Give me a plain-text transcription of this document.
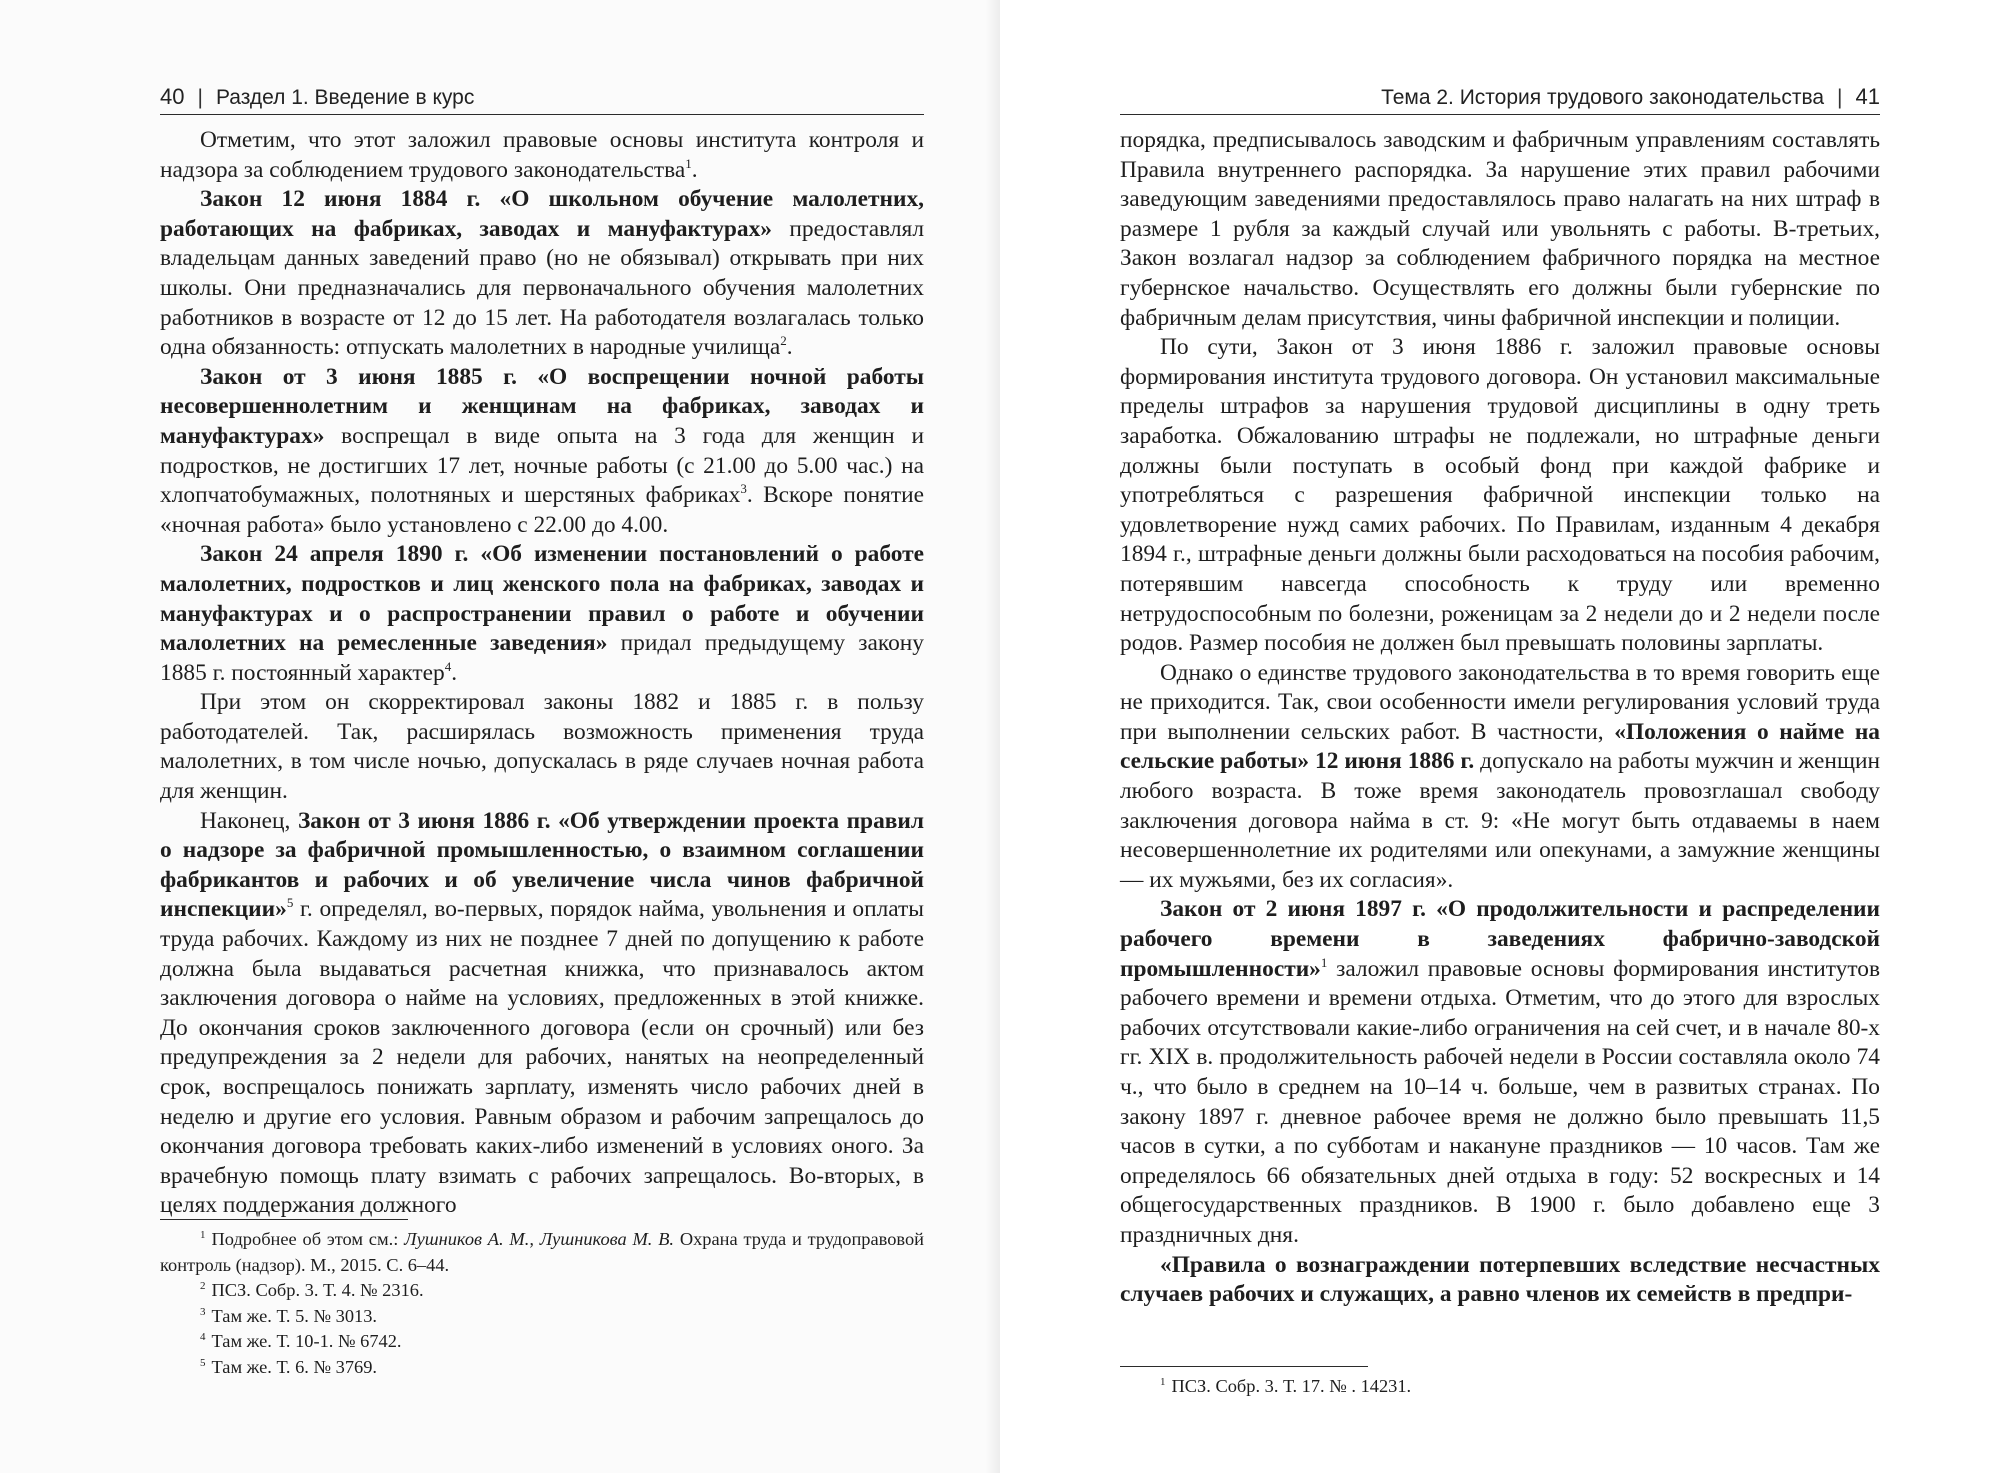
40 | Раздел 1. Введение в курс

Отметим, что этот заложил правовые основы института контроля и надзора за соблюдением трудового законодательства$^1$.

Закон 12 июня 1884 г. «О школьном обучение малолетних, работающих на фабриках, заводах и мануфактурах» предоставлял владельцам данных заведений право (но не обязывал) открывать при них школы. Они предназначались для первоначального обучения малолетних работников в возрасте от 12 до 15 лет. На работодателя возлагалась только одна обязанность: отпускать малолетних в народные училища$^2$.

Закон от 3 июня 1885 г. «О воспрещении ночной работы несовершеннолетним и женщинам на фабриках, заводах и мануфактурах» воспрещал в виде опыта на 3 года для женщин и подростков, не достигших 17 лет, ночные работы (с 21.00 до 5.00 час.) на хлопчатобумажных, полотняных и шерстяных фабриках$^3$. Вскоре понятие «ночная работа» было установлено с 22.00 до 4.00.

Закон 24 апреля 1890 г. «Об изменении постановлений о работе малолетних, подростков и лиц женского пола на фабриках, заводах и мануфактурах и о распространении правил о работе и обучении малолетних на ремесленные заведения» придал предыдущему закону 1885 г. постоянный характер$^4$.

При этом он скорректировал законы 1882 и 1885 г. в пользу работодателей. Так, расширялась возможность применения труда малолетних, в том числе ночью, допускалась в ряде случаев ночная работа для женщин.

Наконец, Закон от 3 июня 1886 г. «Об утверждении проекта правил о надзоре за фабричной промышленностью, о взаимном соглашении фабрикантов и рабочих и об увеличение числа чинов фабричной инспекции»$^5$ г. определял, во-первых, порядок найма, увольнения и оплаты труда рабочих. Каждому из них не позднее 7 дней по допущению к работе должна была выдаваться расчетная книжка, что признавалось актом заключения договора о найме на условиях, предложенных в этой книжке. До окончания сроков заключенного договора (если он срочный) или без предупреждения за 2 недели для рабочих, нанятых на неопределенный срок, воспрещалось понижать зарплату, изменять число рабочих дней в неделю и другие его условия. Равным образом и рабочим запрещалось до окончания договора требовать каких-либо изменений в условиях оного. За врачебную помощь плату взимать с рабочих запрещалось. Во-вторых, в целях поддержания должного

$^1$ Подробнее об этом см.: Лушников А. М., Лушникова М. В. Охрана труда и трудоправовой контроль (надзор). М., 2015. С. 6–44.

$^2$ ПСЗ. Собр. 3. Т. 4. № 2316.

$^3$ Там же. Т. 5. № 3013.

$^4$ Там же. Т. 10-1. № 6742.

$^5$ Там же. Т. 6. № 3769.

Тема 2. История трудового законодательства | 41

порядка, предписывалось заводским и фабричным управлениям составлять Правила внутреннего распорядка. За нарушение этих правил рабочими заведующим заведениями предоставлялось право налагать на них штраф в размере 1 рубля за каждый случай или увольнять с работы. В-третьих, Закон возлагал надзор за соблюдением фабричного порядка на местное губернское начальство. Осуществлять его должны были губернские по фабричным делам присутствия, чины фабричной инспекции и полиции.

По сути, Закон от 3 июня 1886 г. заложил правовые основы формирования института трудового договора. Он установил максимальные пределы штрафов за нарушения трудовой дисциплины в одну треть заработка. Обжалованию штрафы не подлежали, но штрафные деньги должны были поступать в особый фонд при каждой фабрике и употребляться с разрешения фабричной инспекции только на удовлетворение нужд самих рабочих. По Правилам, изданным 4 декабря 1894 г., штрафные деньги должны были расходоваться на пособия рабочим, потерявшим навсегда способность к труду или временно нетрудоспособным по болезни, роженицам за 2 недели до и 2 недели после родов. Размер пособия не должен был превышать половины зарплаты.

Однако о единстве трудового законодательства в то время говорить еще не приходится. Так, свои особенности имели регулирования условий труда при выполнении сельских работ. В частности, «Положения о найме на сельские работы» 12 июня 1886 г. допускало на работы мужчин и женщин любого возраста. В тоже время законодатель провозглашал свободу заключения договора найма в ст. 9: «Не могут быть отдаваемы в наем несовершеннолетние их родителями или опекунами, а замужние женщины — их мужьями, без их согласия».

Закон от 2 июня 1897 г. «О продолжительности и распределении рабочего времени в заведениях фабрично-заводской промышленности»$^1$ заложил правовые основы формирования институтов рабочего времени и времени отдыха. Отметим, что до этого для взрослых рабочих отсутствовали какие-либо ограничения на сей счет, и в начале 80-х гг. XIX в. продолжительность рабочей недели в России составляла около 74 ч., что было в среднем на 10–14 ч. больше, чем в развитых странах. По закону 1897 г. дневное рабочее время не должно было превышать 11,5 часов в сутки, а по субботам и накануне праздников — 10 часов. Там же определялось 66 обязательных дней отдыха в году: 52 воскресных и 14 общегосударственных праздников. В 1900 г. было добавлено еще 3 праздничных дня.

«Правила о вознаграждении потерпевших вследствие несчастных случаев рабочих и служащих, а равно членов их семейств в предпри-

$^1$ ПСЗ. Собр. 3. Т. 17. № . 14231.
